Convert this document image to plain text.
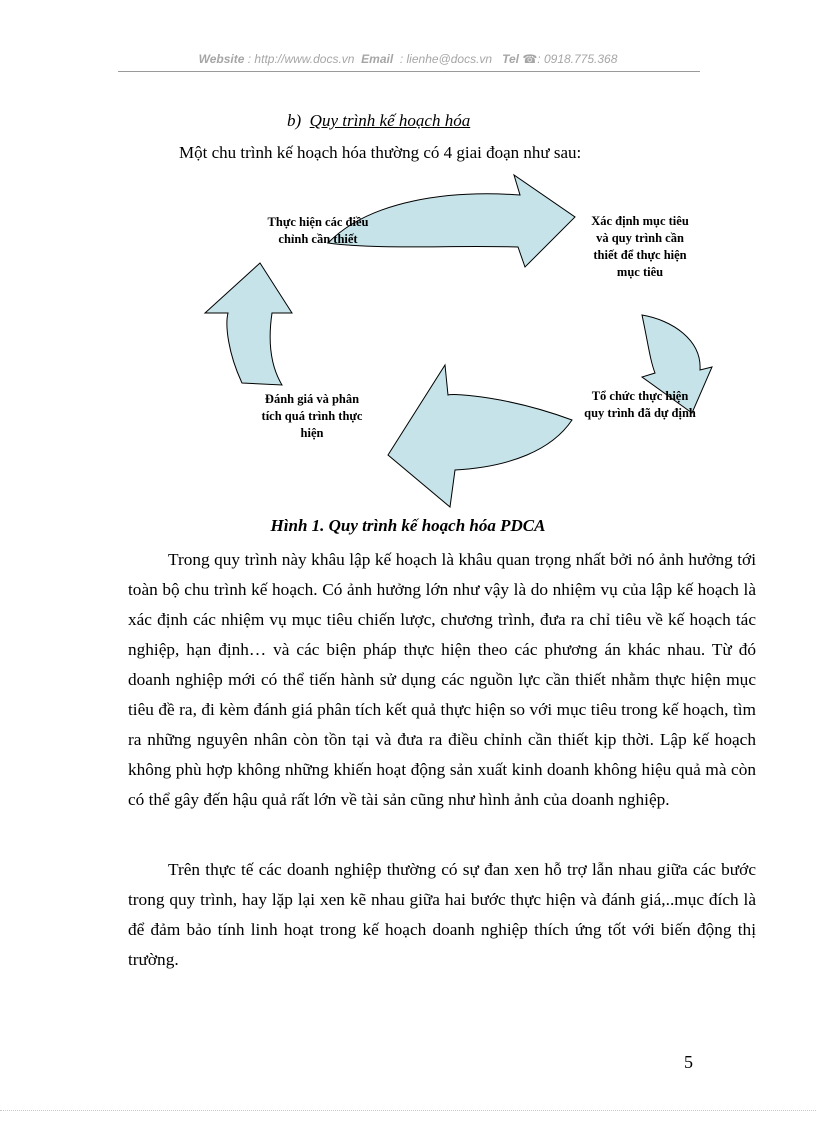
Website : http://www.docs.vn Email : lienhe@docs.vn Tel ☎: 0918.775.368
b) Quy trình kế hoạch hóa
Một chu trình kế hoạch hóa thường có 4 giai đoạn như sau:
Xác định mục tiêu
và quy trình cần
thiết để thực hiện
mục tiêu
Tổ chức thực hiện
quy trình đã dự định
Đánh giá và phân
tích quá trình thực
hiện
Thực hiện các điều
chỉnh cần thiết
Hình 1. Quy trình kế hoạch hóa PDCA

Trong quy trình này khâu lập kế hoạch là khâu quan trọng nhất bởi nó ảnh hưởng tới toàn bộ chu trình kế hoạch. Có ảnh hưởng lớn như vậy là do nhiệm vụ của lập kế hoạch là xác định các nhiệm vụ mục tiêu chiến lược, chương trình, đưa ra chỉ tiêu về kế hoạch tác nghiệp, hạn định… và các biện pháp thực hiện theo các phương án khác nhau. Từ đó doanh nghiệp mới có thể tiến hành sử dụng các nguồn lực cần thiết nhằm thực hiện mục tiêu đề ra, đi kèm đánh giá phân tích kết quả thực hiện so với mục tiêu trong kế hoạch, tìm ra những nguyên nhân còn tồn tại và đưa ra điều chỉnh cần thiết kịp thời. Lập kế hoạch không phù hợp không những khiến hoạt động sản xuất kinh doanh không hiệu quả mà còn có thể gây đến hậu quả rất lớn về tài sản cũng như hình ảnh của doanh nghiệp.

Trên thực tế các doanh nghiệp thường có sự đan xen hỗ trợ lẫn nhau giữa các bước trong quy trình, hay lặp lại xen kẽ nhau giữa hai bước thực hiện và đánh giá,..mục đích là để đảm bảo tính linh hoạt trong kế hoạch doanh nghiệp thích ứng tốt với biến động thị trường.

5
